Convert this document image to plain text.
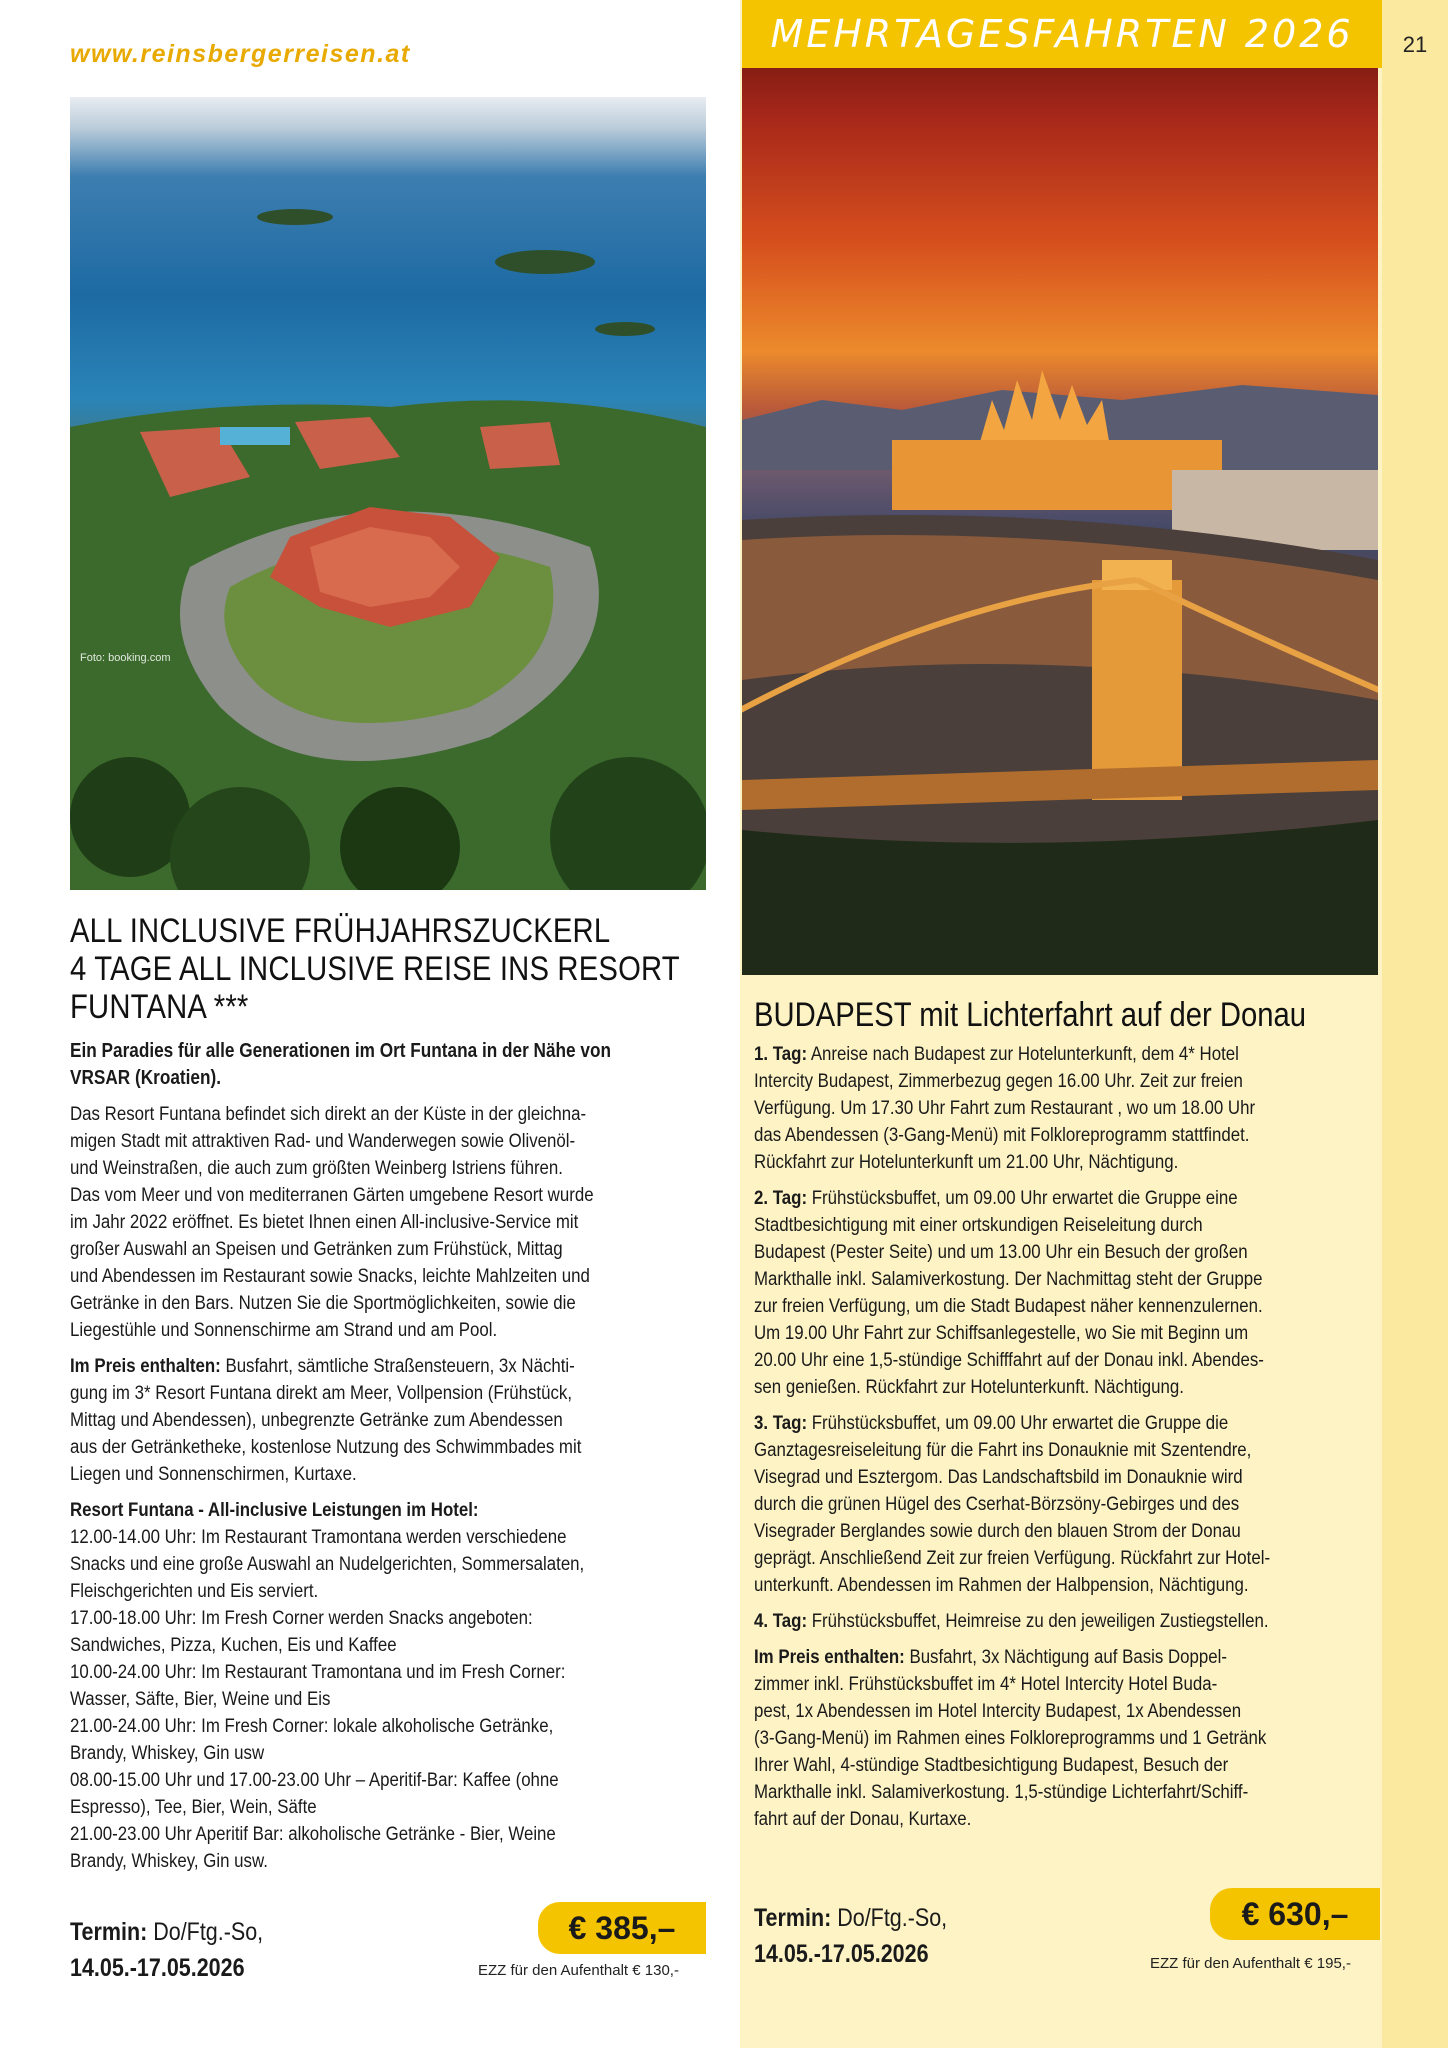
www.reinsbergerreisen.at
Foto: booking.com
MEHRTAGESFAHRTEN 2026	21
ALL INCLUSIVE FRÜHJAHRSZUCKERL
4 TAGE ALL INCLUSIVE REISE INS RESORT
FUNTANA ***
Ein Paradies für alle Generationen im Ort Funtana in der Nähe von
VRSAR (Kroatien).
Das Resort Funtana befindet sich direkt an der Küste in der gleichna-
migen Stadt mit attraktiven Rad- und Wanderwegen sowie Olivenöl-
und Weinstraßen, die auch zum größten Weinberg Istriens führen.
Das vom Meer und von mediterranen Gärten umgebene Resort wurde
im Jahr 2022 eröffnet. Es bietet Ihnen einen All-inclusive-Service mit
großer Auswahl an Speisen und Getränken zum Frühstück, Mittag
und Abendessen im Restaurant sowie Snacks, leichte Mahlzeiten und
Getränke in den Bars. Nutzen Sie die Sportmöglichkeiten, sowie die
Liegestühle und Sonnenschirme am Strand und am Pool.
Im Preis enthalten: Busfahrt, sämtliche Straßensteuern, 3x Nächti-
gung im 3* Resort Funtana direkt am Meer, Vollpension (Frühstück,
Mittag und Abendessen), unbegrenzte Getränke zum Abendessen
aus der Getränketheke, kostenlose Nutzung des Schwimmbades mit
Liegen und Sonnenschirmen, Kurtaxe.
Resort Funtana - All-inclusive Leistungen im Hotel:
12.00-14.00 Uhr: Im Restaurant Tramontana werden verschiedene
Snacks und eine große Auswahl an Nudelgerichten, Sommersalaten,
Fleischgerichten und Eis serviert.
17.00-18.00 Uhr: Im Fresh Corner werden Snacks angeboten:
Sandwiches, Pizza, Kuchen, Eis und Kaffee
10.00-24.00 Uhr: Im Restaurant Tramontana und im Fresh Corner:
Wasser, Säfte, Bier, Weine und Eis
21.00-24.00 Uhr: Im Fresh Corner: lokale alkoholische Getränke,
Brandy, Whiskey, Gin usw
08.00-15.00 Uhr und 17.00-23.00 Uhr – Aperitif-Bar: Kaffee (ohne
Espresso), Tee, Bier, Wein, Säfte
21.00-23.00 Uhr Aperitif Bar: alkoholische Getränke - Bier, Weine
Brandy, Whiskey, Gin usw.
Termin: Do/Ftg.-So,
14.05.-17.05.2026
€ 385,–
EZZ für den Aufenthalt € 130,-
BUDAPEST mit Lichterfahrt auf der Donau
1. Tag: Anreise nach Budapest zur Hotelunterkunft, dem 4* Hotel
Intercity Budapest, Zimmerbezug gegen 16.00 Uhr. Zeit zur freien
Verfügung. Um 17.30 Uhr Fahrt zum Restaurant , wo um 18.00 Uhr
das Abendessen (3-Gang-Menü) mit Folkloreprogramm stattfindet.
Rückfahrt zur Hotelunterkunft um 21.00 Uhr, Nächtigung.
2. Tag: Frühstücksbuffet, um 09.00 Uhr erwartet die Gruppe eine
Stadtbesichtigung mit einer ortskundigen Reiseleitung durch
Budapest (Pester Seite) und um 13.00 Uhr ein Besuch der großen
Markthalle inkl. Salamiverkostung. Der Nachmittag steht der Gruppe
zur freien Verfügung, um die Stadt Budapest näher kennenzulernen.
Um 19.00 Uhr Fahrt zur Schiffsanlegestelle, wo Sie mit Beginn um
20.00 Uhr eine 1,5-stündige Schifffahrt auf der Donau inkl. Abendes-
sen genießen. Rückfahrt zur Hotelunterkunft. Nächtigung.
3. Tag: Frühstücksbuffet, um 09.00 Uhr erwartet die Gruppe die
Ganztagesreiseleitung für die Fahrt ins Donauknie mit Szentendre,
Visegrad und Esztergom. Das Landschaftsbild im Donauknie wird
durch die grünen Hügel des Cserhat-Börzsöny-Gebirges und des
Visegrader Berglandes sowie durch den blauen Strom der Donau
geprägt. Anschließend Zeit zur freien Verfügung. Rückfahrt zur Hotel-
unterkunft. Abendessen im Rahmen der Halbpension, Nächtigung.
4. Tag: Frühstücksbuffet, Heimreise zu den jeweiligen Zustiegstellen.
Im Preis enthalten: Busfahrt, 3x Nächtigung auf Basis Doppel-
zimmer inkl. Frühstücksbuffet im 4* Hotel Intercity Hotel Buda-
pest, 1x Abendessen im Hotel Intercity Budapest, 1x Abendessen
(3-Gang-Menü) im Rahmen eines Folkloreprogramms und 1 Getränk
Ihrer Wahl, 4-stündige Stadtbesichtigung Budapest, Besuch der
Markthalle inkl. Salamiverkostung. 1,5-stündige Lichterfahrt/Schiff-
fahrt auf der Donau, Kurtaxe.
Termin: Do/Ftg.-So,
14.05.-17.05.2026
€ 630,–
EZZ für den Aufenthalt € 195,-
